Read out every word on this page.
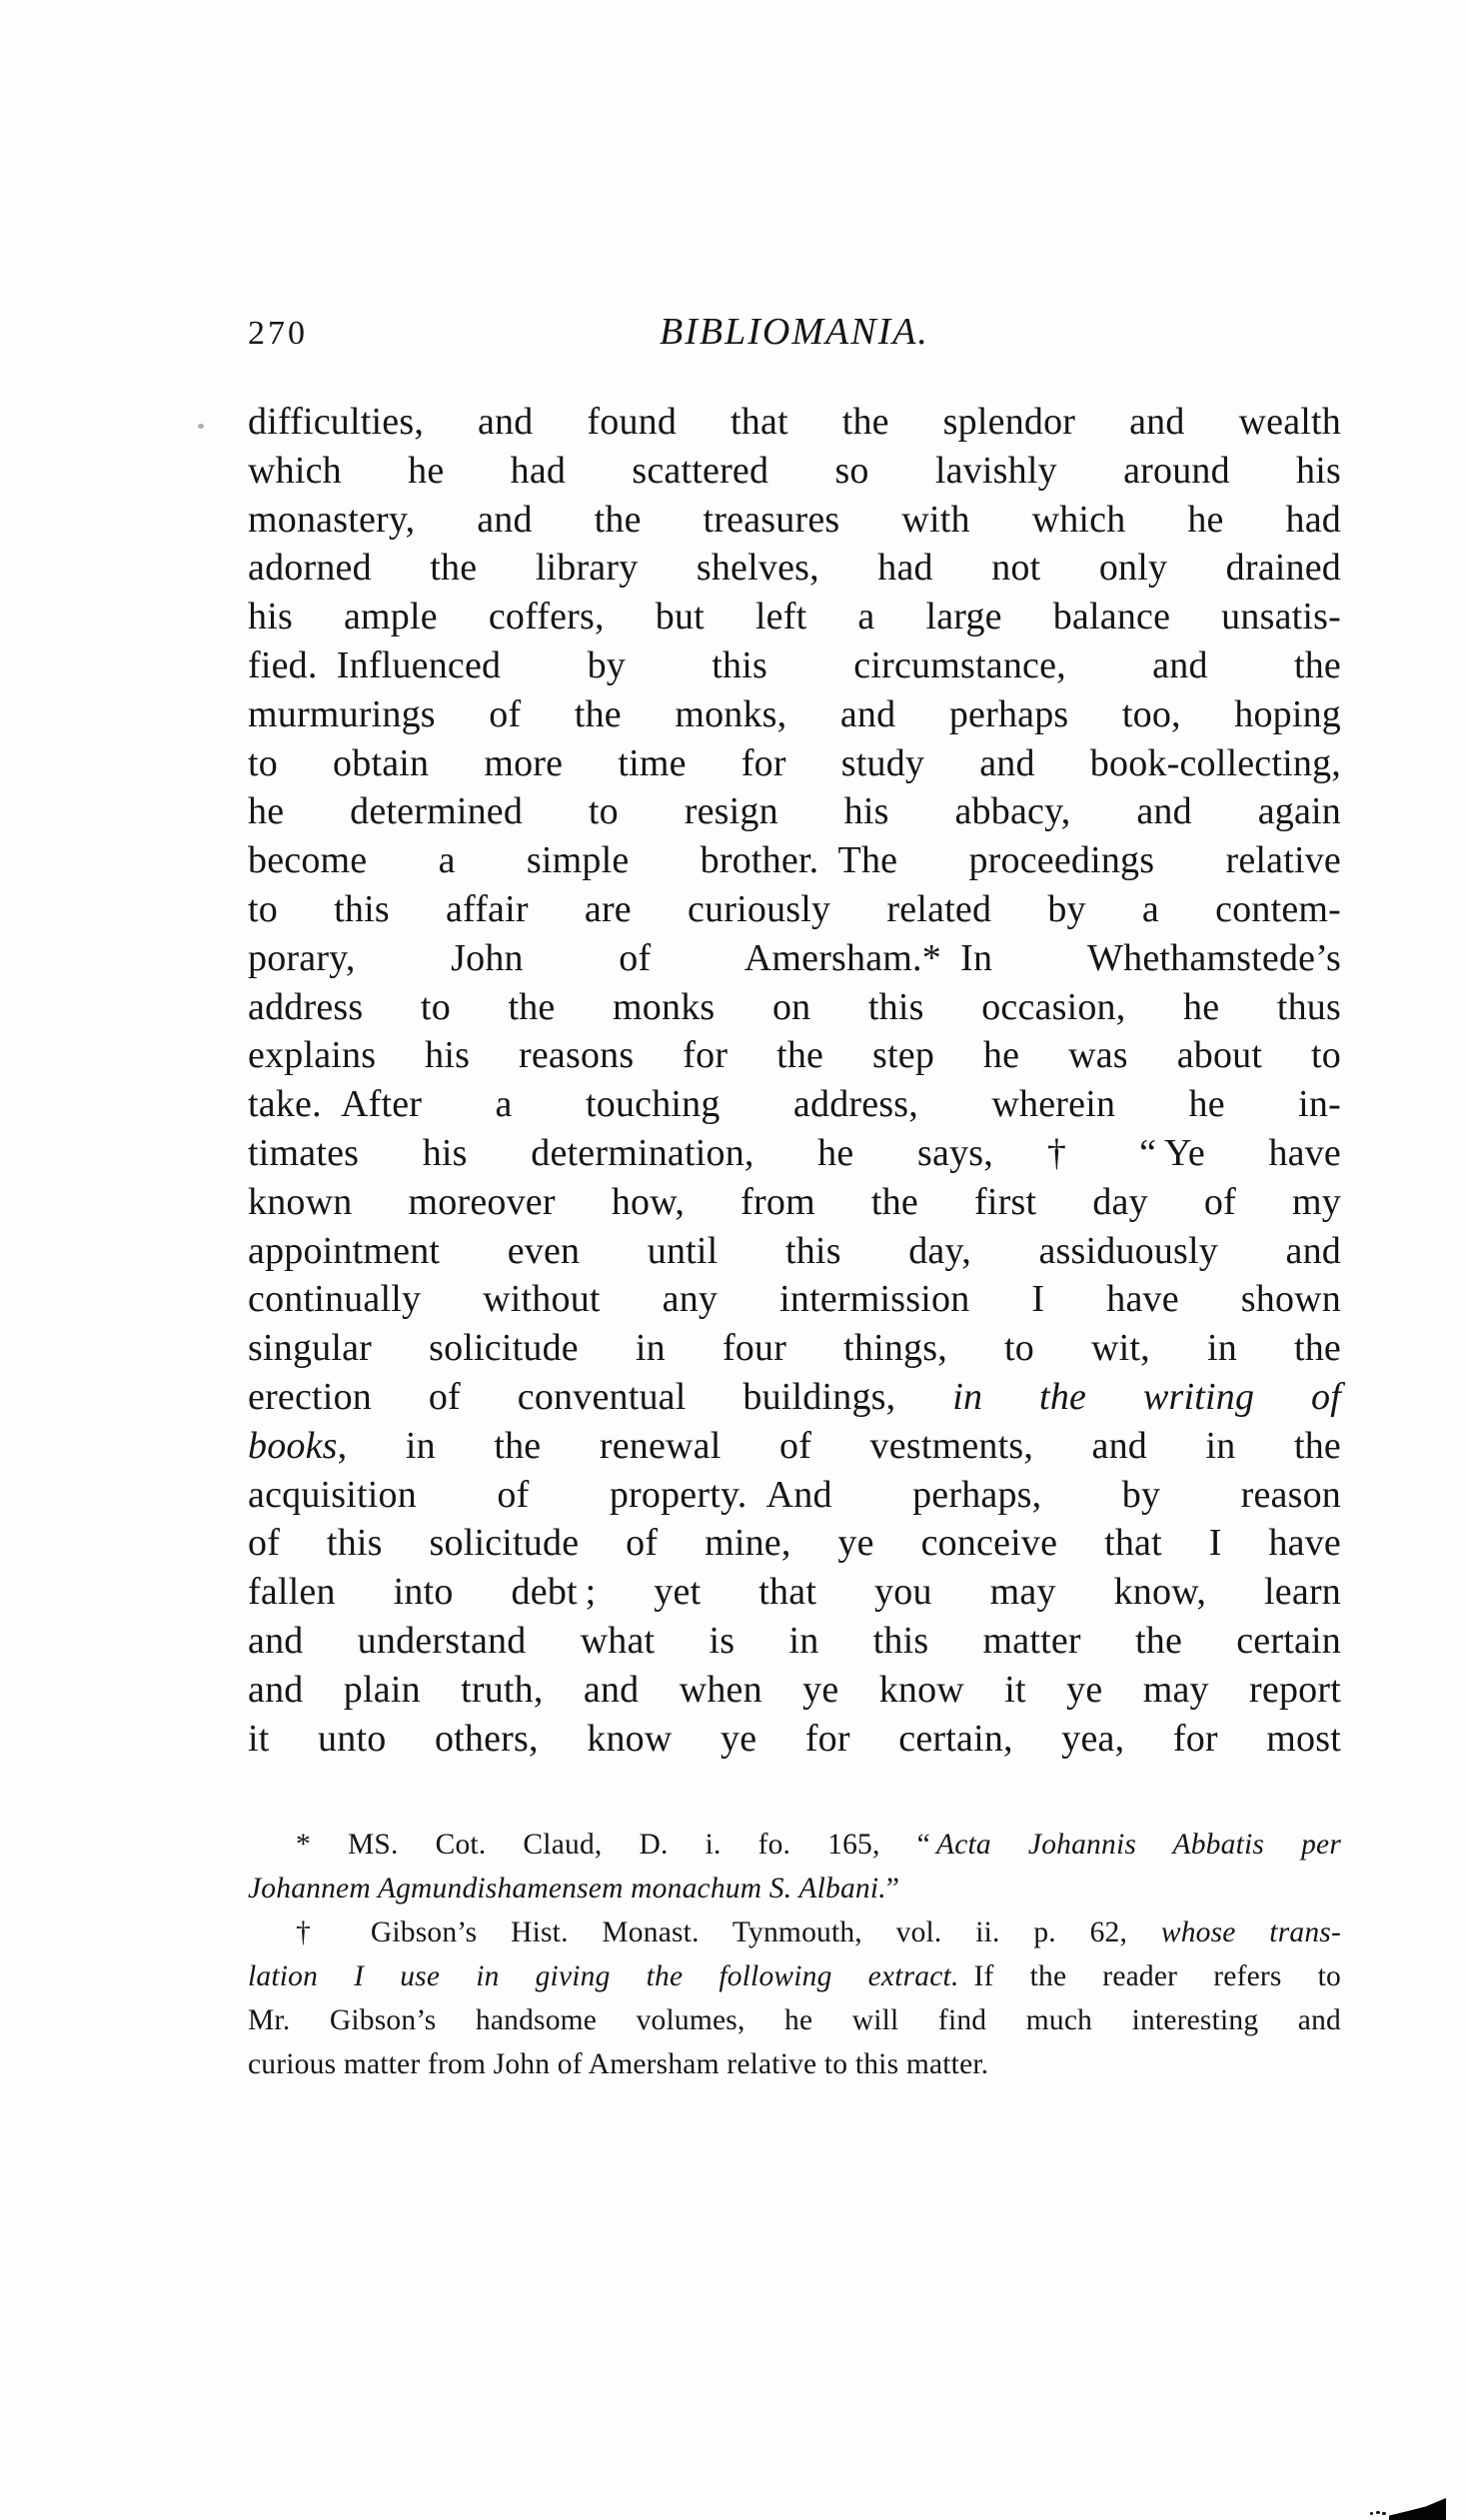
270	BIBLIOMANIA.
difficulties, and found that the splendor and wealth
which he had scattered so lavishly around his
monastery, and the treasures with which he had
adorned the library shelves, had not only drained
his ample coffers, but left a large balance unsatis-
fied. Influenced by this circumstance, and the
murmurings of the monks, and perhaps too, hoping
to obtain more time for study and book-collecting,
he determined to resign his abbacy, and again
become a simple brother. The proceedings relative
to this affair are curiously related by a contem-
porary, John of Amersham.* In Whethamstede’s
address to the monks on this occasion, he thus
explains his reasons for the step he was about to
take. After a touching address, wherein he in-
timates his determination, he says,† “ Ye have
known moreover how, from the first day of my
appointment even until this day, assiduously and
continually without any intermission I have shown
singular solicitude in four things, to wit, in the
erection of conventual buildings, in the writing of
books, in the renewal of vestments, and in the
acquisition of property. And perhaps, by reason
of this solicitude of mine, ye conceive that I have
fallen into debt ; yet that you may know, learn
and understand what is in this matter the certain
and plain truth, and when ye know it ye may report
it unto others, know ye for certain, yea, for most
* MS. Cot. Claud, D. i. fo. 165, “ Acta Johannis Abbatis per
Johannem Agmundishamensem monachum S. Albani.”
† Gibson’s Hist. Monast. Tynmouth, vol. ii. p. 62, whose trans-
lation I use in giving the following extract. If the reader refers to
Mr. Gibson’s handsome volumes, he will find much interesting and
curious matter from John of Amersham relative to this matter.
